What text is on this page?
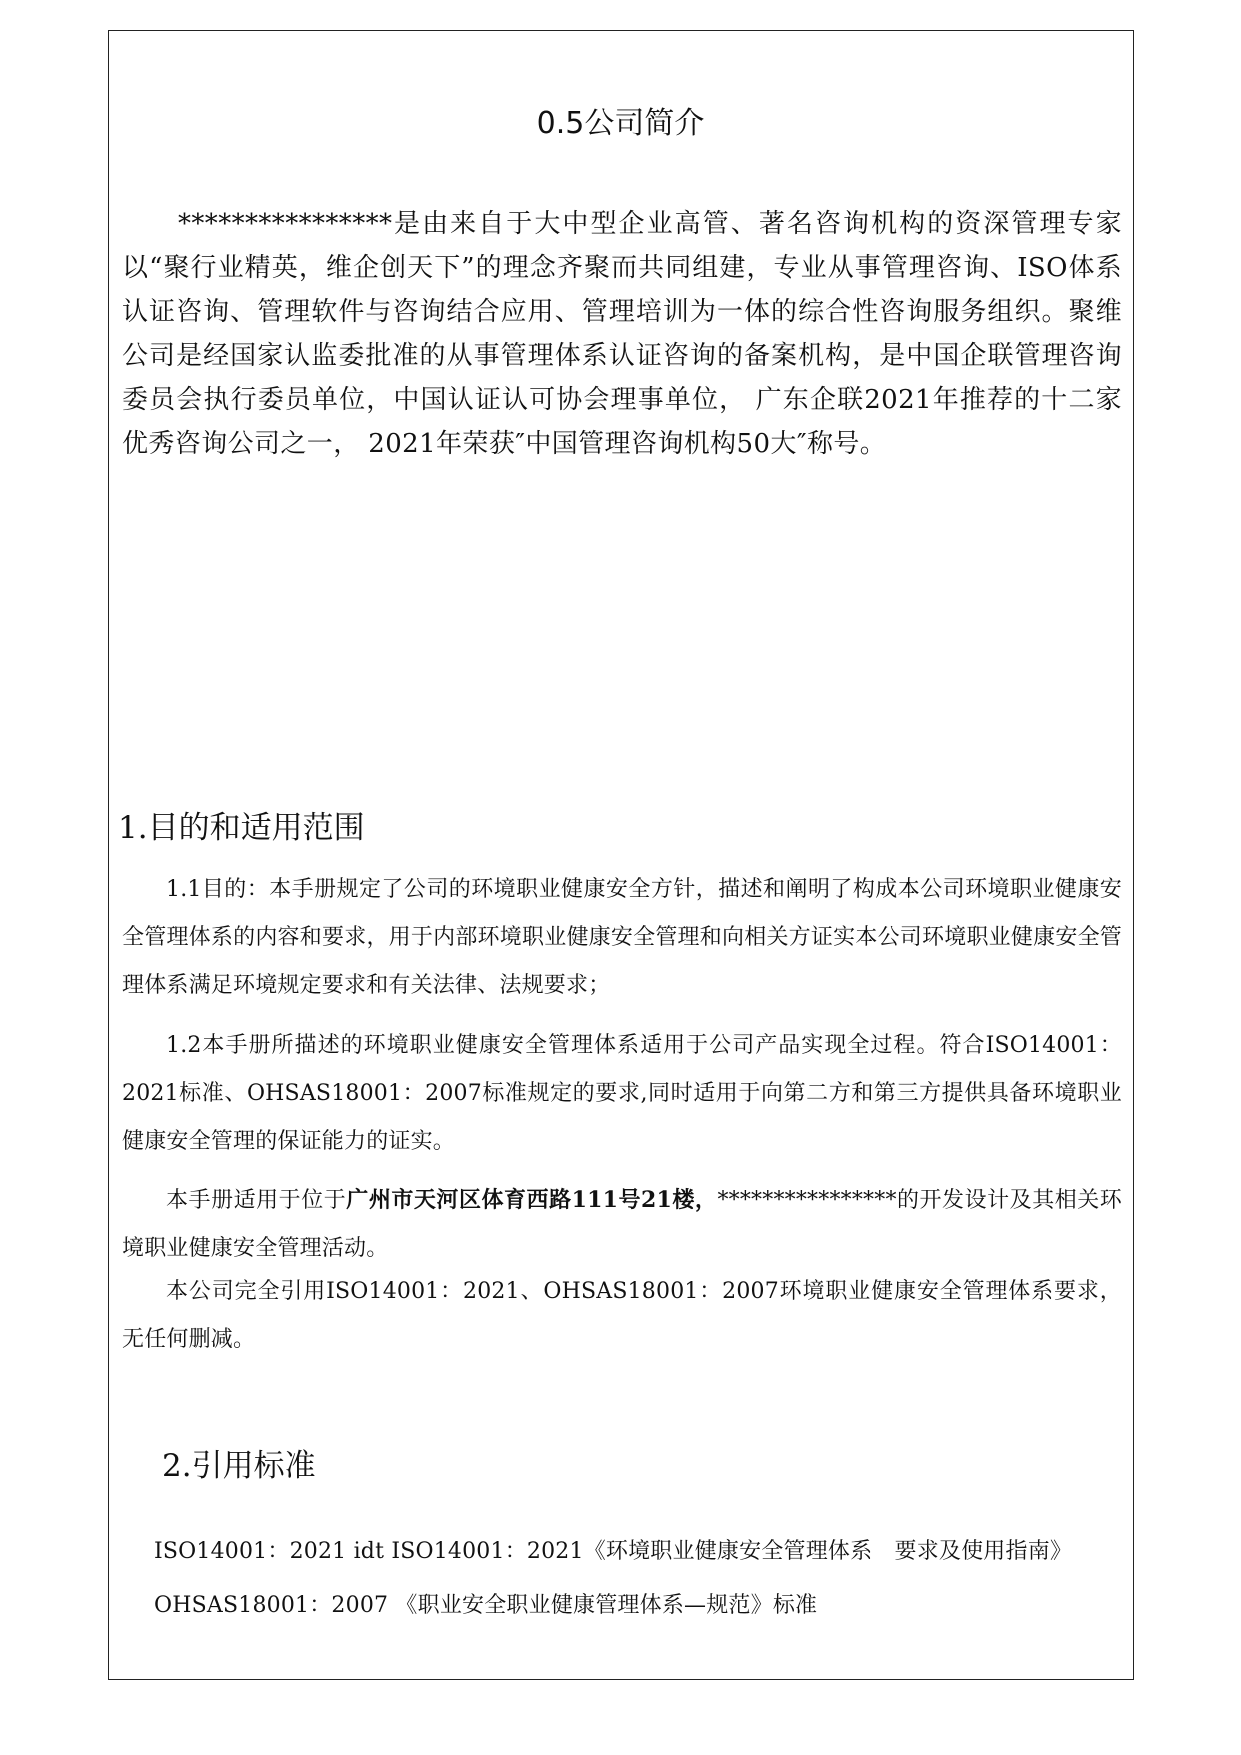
0.5公司简介
****************是由来自于大中型企业高管、著名咨询机构的资深管理专家以“聚行业精英，维企创天下”的理念齐聚而共同组建，专业从事管理咨询、ISO体系认证咨询、管理软件与咨询结合应用、管理培训为一体的综合性咨询服务组织。聚维公司是经国家认监委批准的从事管理体系认证咨询的备案机构，是中国企联管理咨询委员会执行委员单位，中国认证认可协会理事单位， 广东企联2021年推荐的十二家优秀咨询公司之一， 2021年荣获″中国管理咨询机构50大″称号。
1.目的和适用范围
1.1目的：本手册规定了公司的环境职业健康安全方针，描述和阐明了构成本公司环境职业健康安全管理体系的内容和要求，用于内部环境职业健康安全管理和向相关方证实本公司环境职业健康安全管理体系满足环境规定要求和有关法律、法规要求；
1.2本手册所描述的环境职业健康安全管理体系适用于公司产品实现全过程。符合ISO14001：2021标准、OHSAS18001：2007标准规定的要求,同时适用于向第二方和第三方提供具备环境职业健康安全管理的保证能力的证实。
本手册适用于位于广州市天河区体育西路111号21楼，****************的开发设计及其相关环境职业健康安全管理活动。
本公司完全引用ISO14001：2021、OHSAS18001：2007环境职业健康安全管理体系要求，无任何删减。
2.引用标准
ISO14001：2021 idt ISO14001：2021《环境职业健康安全管理体系　要求及使用指南》
OHSAS18001：2007 《职业安全职业健康管理体系—规范》标准
